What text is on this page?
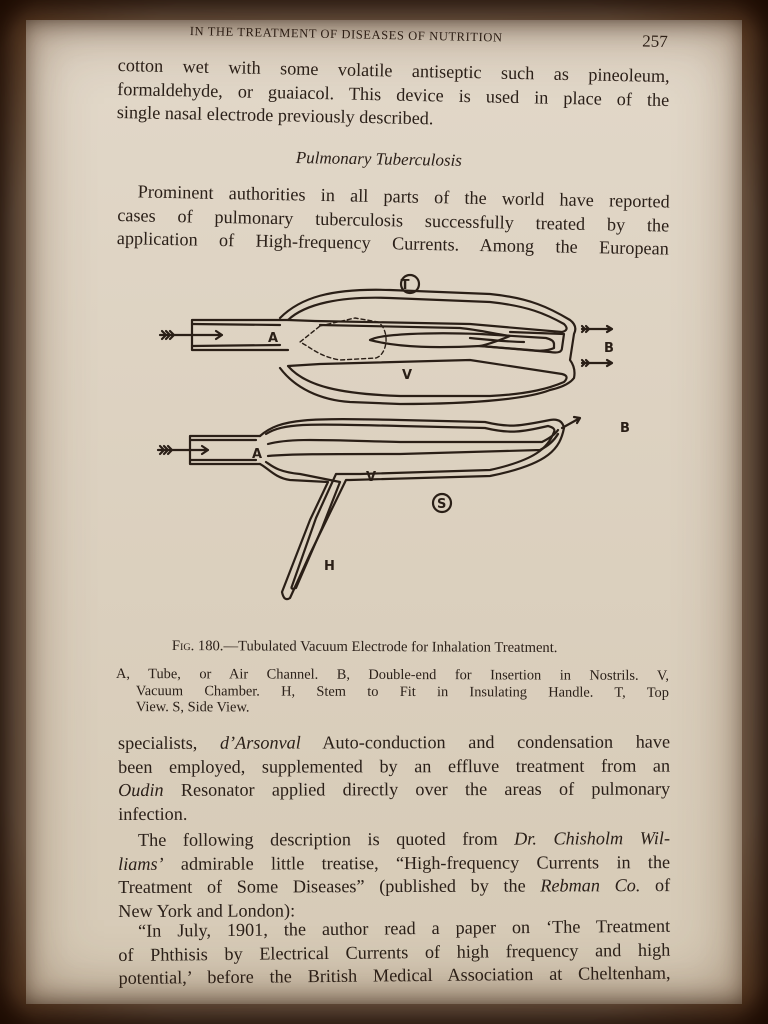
IN THE TREATMENT OF DISEASES OF NUTRITION	257
cotton wet with some volatile antiseptic such as pineoleum,
formaldehyde, or guaiacol. This device is used in place of the
single nasal electrode previously described.
Pulmonary Tuberculosis
Prominent authorities in all parts of the world have reported
cases of pulmonary tuberculosis successfully treated by the
application of High-frequency Currents. Among the European
T
A
V
B
A
V
S
B
H
Fig. 180.—Tubulated Vacuum Electrode for Inhalation Treatment.
A, Tube, or Air Channel. B, Double-end for Insertion in Nostrils. V,
Vacuum Chamber. H, Stem to Fit in Insulating Handle. T, Top
View. S, Side View.
specialists, d’Arsonval Auto-conduction and condensation have
been employed, supplemented by an effluve treatment from an
Oudin Resonator applied directly over the areas of pulmonary
infection.
The following description is quoted from Dr. Chisholm Wil-
liams’ admirable little treatise, “High-frequency Currents in the
Treatment of Some Diseases” (published by the Rebman Co. of
New York and London):
“In July, 1901, the author read a paper on ‘The Treatment
of Phthisis by Electrical Currents of high frequency and high
potential,’ before the British Medical Association at Cheltenham,
